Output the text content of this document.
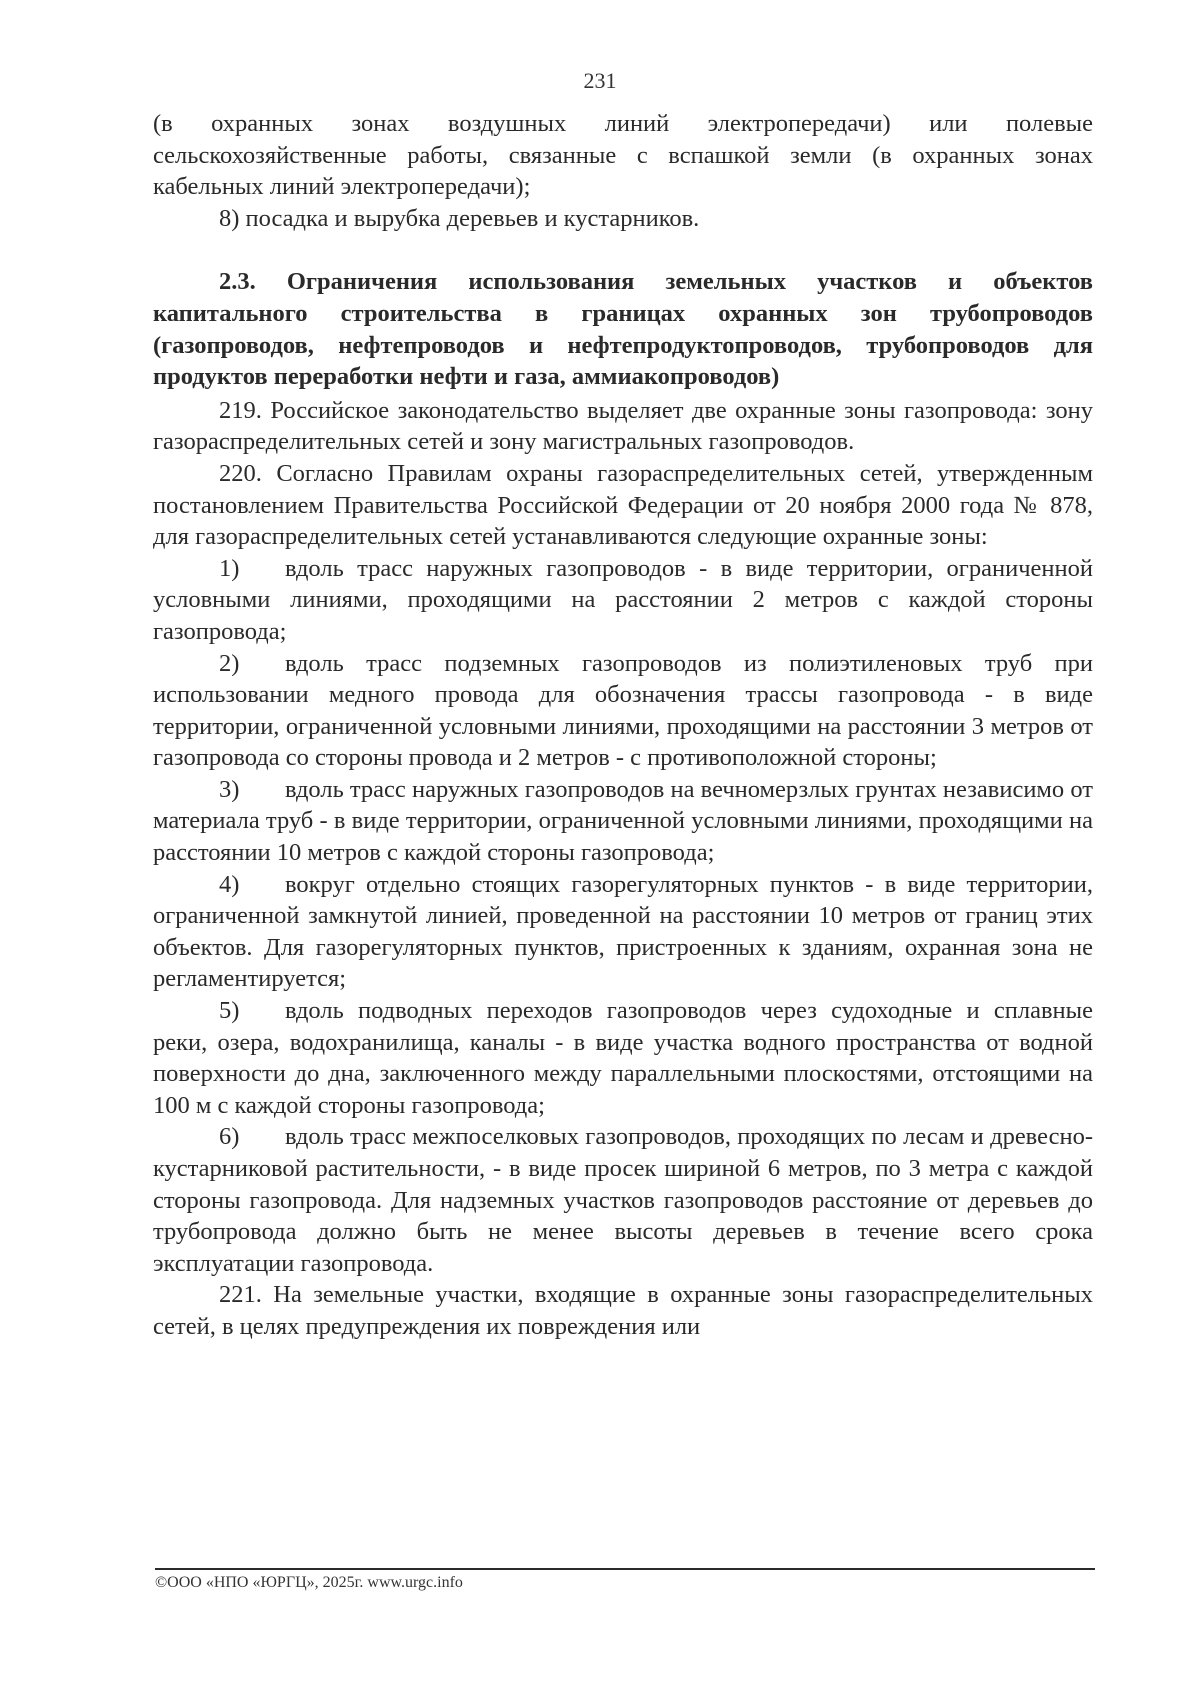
231

(в охранных зонах воздушных линий электропередачи) или полевые сельскохозяйственные работы, связанные с вспашкой земли (в охранных зонах кабельных линий электропередачи);

8) посадка и вырубка деревьев и кустарников.

2.3. Ограничения использования земельных участков и объектов капитального строительства в границах охранных зон трубопроводов (газопроводов, нефтепроводов и нефтепродуктопроводов, трубопроводов для продуктов переработки нефти и газа, аммиакопроводов)

219. Российское законодательство выделяет две охранные зоны газопровода: зону газораспределительных сетей и зону магистральных газопроводов.

220. Согласно Правилам охраны газораспределительных сетей, утвержденным постановлением Правительства Российской Федерации от 20 ноября 2000 года № 878, для газораспределительных сетей устанавливаются следующие охранные зоны:

1) вдоль трасс наружных газопроводов - в виде территории, ограниченной условными линиями, проходящими на расстоянии 2 метров с каждой стороны газопровода;

2) вдоль трасс подземных газопроводов из полиэтиленовых труб при использовании медного провода для обозначения трассы газопровода - в виде территории, ограниченной условными линиями, проходящими на расстоянии 3 метров от газопровода со стороны провода и 2 метров - с противоположной стороны;

3) вдоль трасс наружных газопроводов на вечномерзлых грунтах независимо от материала труб - в виде территории, ограниченной условными линиями, проходящими на расстоянии 10 метров с каждой стороны газопровода;

4) вокруг отдельно стоящих газорегуляторных пунктов - в виде территории, ограниченной замкнутой линией, проведенной на расстоянии 10 метров от границ этих объектов. Для газорегуляторных пунктов, пристроенных к зданиям, охранная зона не регламентируется;

5) вдоль подводных переходов газопроводов через судоходные и сплавные реки, озера, водохранилища, каналы - в виде участка водного пространства от водной поверхности до дна, заключенного между параллельными плоскостями, отстоящими на 100 м с каждой стороны газопровода;

6) вдоль трасс межпоселковых газопроводов, проходящих по лесам и древесно-кустарниковой растительности, - в виде просек шириной 6 метров, по 3 метра с каждой стороны газопровода. Для надземных участков газопроводов расстояние от деревьев до трубопровода должно быть не менее высоты деревьев в течение всего срока эксплуатации газопровода.

221. На земельные участки, входящие в охранные зоны газораспределительных сетей, в целях предупреждения их повреждения или

©ООО «НПО «ЮРГЦ», 2025г. www.urgc.info
